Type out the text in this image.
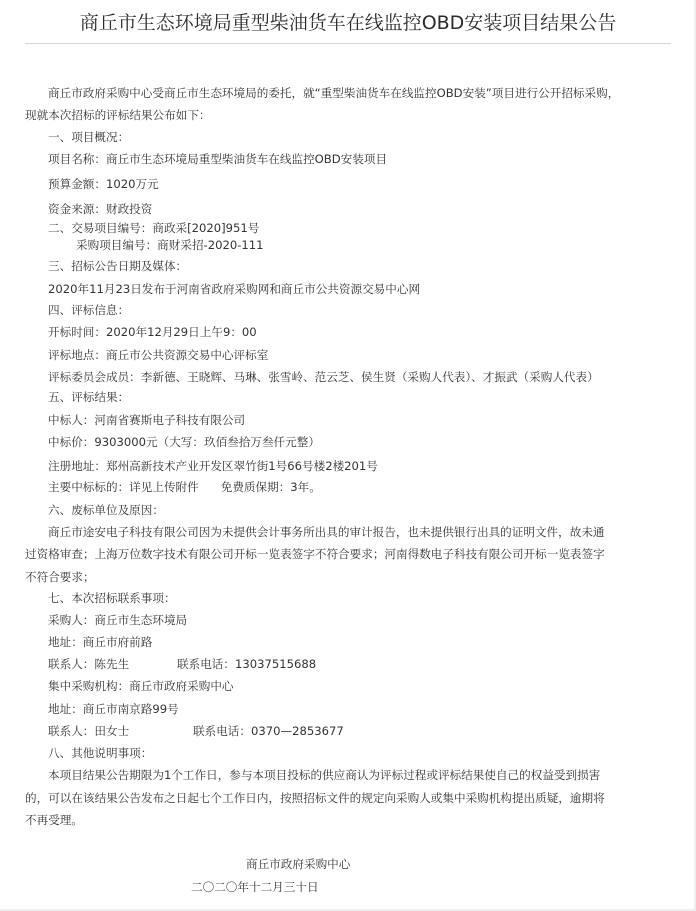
商丘市生态环境局重型柴油货车在线监控OBD安装项目结果公告
商丘市政府采购中心受商丘市生态环境局的委托，就“重型柴油货车在线监控OBD安装”项目进行公开招标采购，
现就本次招标的评标结果公布如下：
一、项目概况：
项目名称：商丘市生态环境局重型柴油货车在线监控OBD安装项目
预算金额：1020万元
资金来源：财政投资
二、交易项目编号：商政采[2020]951号
采购项目编号：商财采招-2020-111
三、招标公告日期及媒体：
2020年11月23日发布于河南省政府采购网和商丘市公共资源交易中心网
四、评标信息：
开标时间：2020年12月29日上午9：00
评标地点：商丘市公共资源交易中心评标室
评标委员会成员：李新德、王晓辉、马琳、张雪岭、范云芝、侯生贤（采购人代表）、才振武（采购人代表）
五、评标结果：
中标人：河南省赛斯电子科技有限公司
中标价：9303000元（大写：玖佰叁拾万叁仟元整）
注册地址：郑州高新技术产业开发区翠竹街1号66号楼2楼201号
主要中标标的：详见上传附件 免费质保期：3年。
六、废标单位及原因：
商丘市途安电子科技有限公司因为未提供会计事务所出具的审计报告，也未提供银行出具的证明文件，故未通
过资格审查；上海万位数字技术有限公司开标一览表签字不符合要求；河南得数电子科技有限公司开标一览表签字
不符合要求；
七、本次招标联系事项：
采购人：商丘市生态环境局
地址：商丘市府前路
联系人：陈先生	联系电话：13037515688
集中采购机构：商丘市政府采购中心
地址：商丘市南京路99号
联系人：田女士	联系电话：0370—2853677
八、其他说明事项：
本项目结果公告期限为1个工作日，参与本项目投标的供应商认为评标过程或评标结果使自己的权益受到损害
的，可以在该结果公告发布之日起七个工作日内，按照招标文件的规定向采购人或集中采购机构提出质疑，逾期将
不再受理。
商丘市政府采购中心
二〇二〇年十二月三十日
